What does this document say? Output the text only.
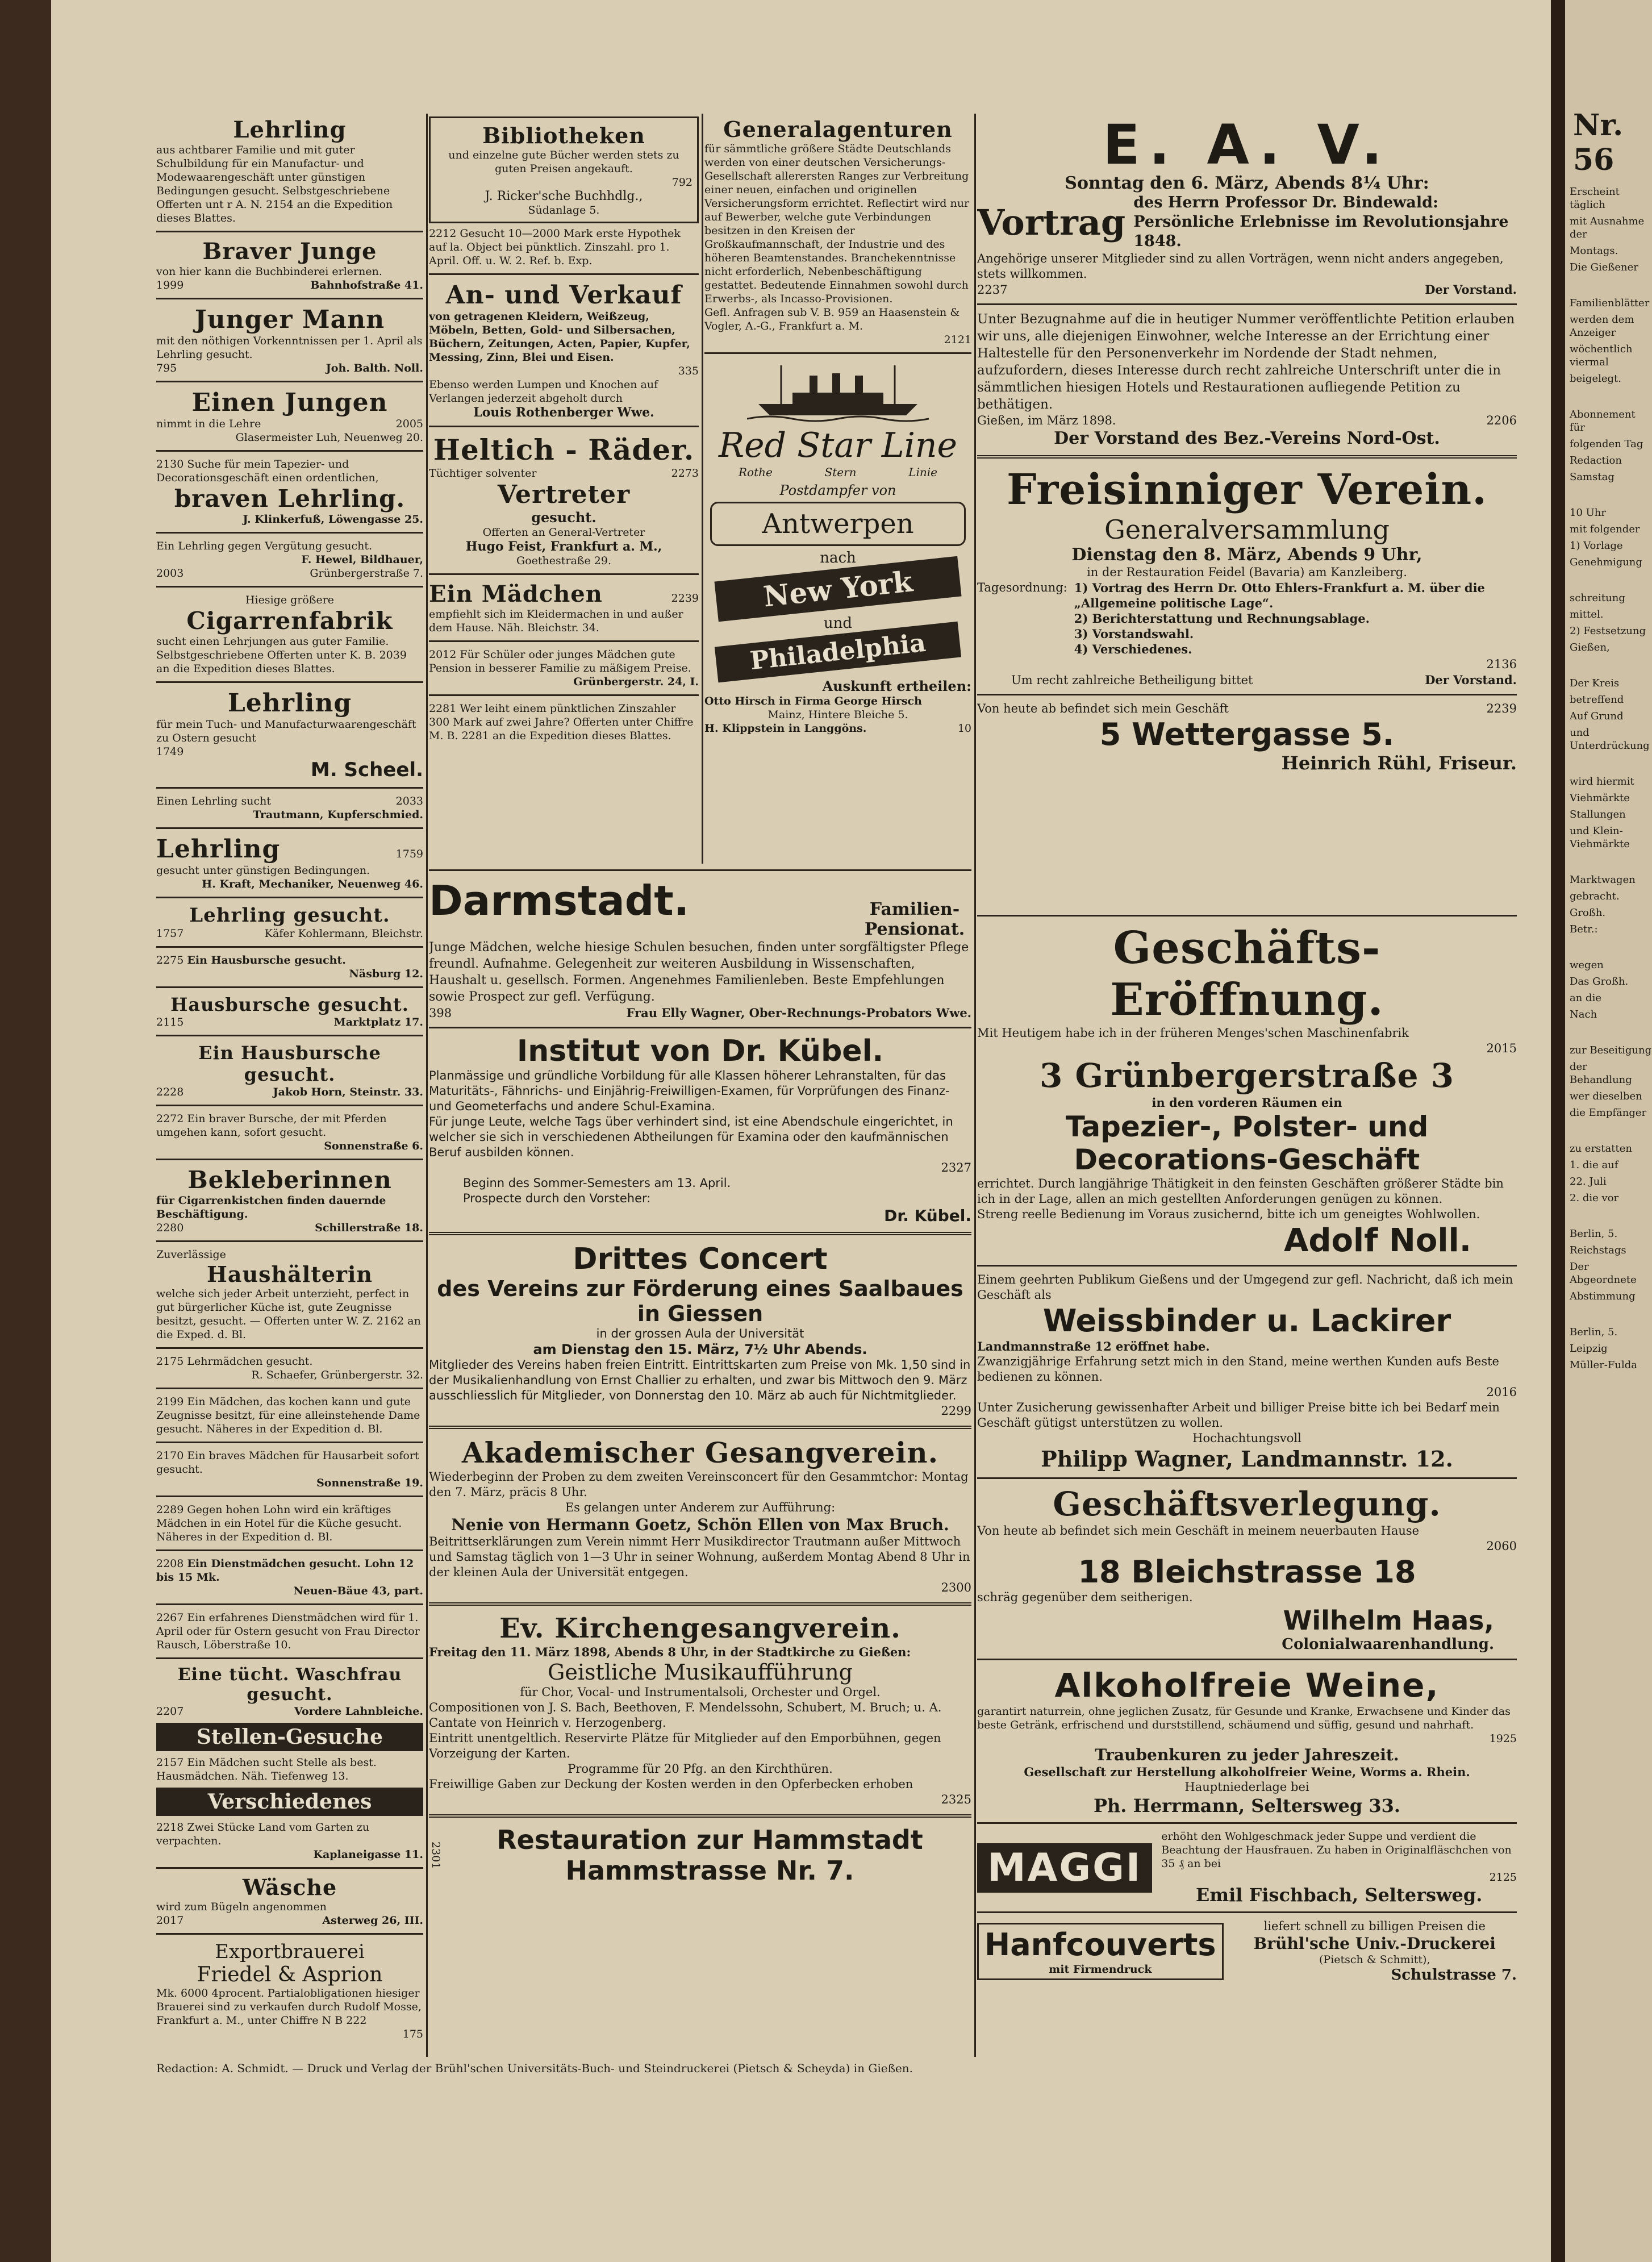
Nr. 56
Erscheint täglich
mit Ausnahme der
Montags.
Die Gießener
Familienblätter
werden dem Anzeiger
wöchentlich viermal
beigelegt.
Abonnement für
folgenden Tag
Redaction
Samstag
10 Uhr
mit folgender
1) Vorlage
Genehmigung
schreitung
mittel.
2) Festsetzung
Gießen,
Der Kreis
betreffend
Auf Grund
und Unterdrückung
wird hiermit
Viehmärkte
Stallungen
und Klein-Viehmärkte
Marktwagen
gebracht.
Großh.
Betr.:
wegen
Das Großh.
an die
Nach
zur Beseitigung
der Behandlung
wer dieselben
die Empfänger
zu erstatten
1. die auf
22. Juli
2. die vor
Berlin, 5.
Reichstags
Der Abgeordnete
Abstimmung
Berlin, 5.
Leipzig
Müller-Fulda
Lehrling
aus achtbarer Familie und mit guter Schulbildung für ein Manufactur- und Modewaarengeschäft unter günstigen Bedingungen gesucht. Selbstgeschriebene Offerten unt r A. N. 2154 an die Expedition dieses Blattes.
Braver Junge
von hier kann die Buchbinderei erlernen.
1999	Bahnhofstraße 41.
Junger Mann
mit den nöthigen Vorkenntnissen per 1. April als Lehrling gesucht.
795	Joh. Balth. Noll.
Einen Jungen
nimmt in die Lehre	2005
Glasermeister Luh, Neuenweg 20.
2130 Suche für mein Tapezier- und Decorationsgeschäft einen ordentlichen,
braven Lehrling.
J. Klinkerfuß, Löwengasse 25.
Ein Lehrling gegen Vergütung gesucht.
F. Hewel, Bildhauer,
2003	Grünbergerstraße 7.
Hiesige größere
Cigarrenfabrik
sucht einen Lehrjungen aus guter Familie. Selbstgeschriebene Offerten unter K. B. 2039 an die Expedition dieses Blattes.
Lehrling
für mein Tuch- und Manufacturwaarengeschäft zu Ostern gesucht
1749
M. Scheel.
Einen Lehrling sucht	2033
Trautmann, Kupferschmied.
Lehrling	1759
gesucht unter günstigen Bedingungen.
H. Kraft, Mechaniker, Neuenweg 46.
Lehrling gesucht.
1757	Käfer Kohlermann, Bleichstr.
2275 Ein Hausbursche gesucht.
Näsburg 12.
Hausbursche gesucht.
2115	Marktplatz 17.
Ein Hausbursche gesucht.
2228	Jakob Horn, Steinstr. 33.
2272 Ein braver Bursche, der mit Pferden umgehen kann, sofort gesucht.
Sonnenstraße 6.
Bekleberinnen
für Cigarrenkistchen finden dauernde Beschäftigung.
2280	Schillerstraße 18.
Zuverlässige
Haushälterin
welche sich jeder Arbeit unterzieht, perfect in gut bürgerlicher Küche ist, gute Zeugnisse besitzt, gesucht. — Offerten unter W. Z. 2162 an die Exped. d. Bl.
2175 Lehrmädchen gesucht.
R. Schaefer, Grünbergerstr. 32.
2199 Ein Mädchen, das kochen kann und gute Zeugnisse besitzt, für eine alleinstehende Dame gesucht. Näheres in der Expedition d. Bl.
2170 Ein braves Mädchen für Hausarbeit sofort gesucht.
Sonnenstraße 19.
2289 Gegen hohen Lohn wird ein kräftiges Mädchen in ein Hotel für die Küche gesucht. Näheres in der Expedition d. Bl.
2208 Ein Dienstmädchen gesucht. Lohn 12 bis 15 Mk.
Neuen-Bäue 43, part.
2267 Ein erfahrenes Dienstmädchen wird für 1. April oder für Ostern gesucht von Frau Director Rausch, Löberstraße 10.
Eine tücht. Waschfrau gesucht.
2207	Vordere Lahnbleiche.
Stellen-Gesuche
2157 Ein Mädchen sucht Stelle als best. Hausmädchen. Näh. Tiefenweg 13.
Verschiedenes
2218 Zwei Stücke Land vom Garten zu verpachten.
Kaplaneigasse 11.
Wäsche
wird zum Bügeln angenommen
2017	Asterweg 26, III.
Exportbrauerei
Friedel & Asprion
Mk. 6000 4procent. Partialobligationen hiesiger Brauerei sind zu verkaufen durch Rudolf Mosse, Frankfurt a. M., unter Chiffre N B 222
175
Bibliotheken
und einzelne gute Bücher werden stets zu guten Preisen angekauft.
792
J. Ricker'sche Buchhdlg.,
Südanlage 5.
2212 Gesucht 10—2000 Mark erste Hypothek auf la. Object bei pünktlich. Zinszahl. pro 1. April. Off. u. W. 2. Ref. b. Exp.
An- und Verkauf
von getragenen Kleidern, Weißzeug, Möbeln, Betten, Gold- und Silbersachen, Büchern, Zeitungen, Acten, Papier, Kupfer, Messing, Zinn, Blei und Eisen.
335
Ebenso werden Lumpen und Knochen auf Verlangen jederzeit abgeholt durch
Louis Rothenberger Wwe.
Heltich - Räder.
Tüchtiger solventer	2273
Vertreter
gesucht.
Offerten an General-Vertreter
Hugo Feist, Frankfurt a. M.,
Goethestraße 29.
Ein Mädchen	2239
empfiehlt sich im Kleidermachen in und außer dem Hause. Näh. Bleichstr. 34.
2012 Für Schüler oder junges Mädchen gute Pension in besserer Familie zu mäßigem Preise.
Grünbergerstr. 24, I.
2281 Wer leiht einem pünktlichen Zinszahler 300 Mark auf zwei Jahre? Offerten unter Chiffre M. B. 2281 an die Expedition dieses Blattes.
Generalagenturen
für sämmtliche größere Städte Deutschlands werden von einer deutschen Versicherungs-Gesellschaft allerersten Ranges zur Verbreitung einer neuen, einfachen und originellen Versicherungsform errichtet. Reflectirt wird nur auf Bewerber, welche gute Verbindungen besitzen in den Kreisen der Großkaufmannschaft, der Industrie und des höheren Beamtenstandes. Branchekenntnisse nicht erforderlich, Nebenbeschäftigung gestattet. Bedeutende Einnahmen sowohl durch Erwerbs-, als Incasso-Provisionen.
Gefl. Anfragen sub V. B. 959 an Haasenstein & Vogler, A.-G., Frankfurt a. M.
2121
Red Star Line
Rothe	Stern	Linie
Postdampfer von
Antwerpen
nach
New York
und
Philadelphia
Auskunft ertheilen:
Otto Hirsch in Firma George Hirsch
Mainz, Hintere Bleiche 5.
H. Klippstein in Langgöns.	10
E. A. V.
Sonntag den 6. März, Abends 8¼ Uhr:
Vortrag des Herrn Professor Dr. Bindewald: Persönliche Erlebnisse im Revolutionsjahre 1848.
Angehörige unserer Mitglieder sind zu allen Vorträgen, wenn nicht anders angegeben, stets willkommen.
2237	Der Vorstand.
Unter Bezugnahme auf die in heutiger Nummer veröffentlichte Petition erlauben wir uns, alle diejenigen Einwohner, welche Interesse an der Errichtung einer Haltestelle für den Personenverkehr im Nordende der Stadt nehmen, aufzufordern, dieses Interesse durch recht zahlreiche Unterschrift unter die in sämmtlichen hiesigen Hotels und Restaurationen aufliegende Petition zu bethätigen.
Gießen, im März 1898.	2206
Der Vorstand des Bez.-Vereins Nord-Ost.
Freisinniger Verein.
Generalversammlung
Dienstag den 8. März, Abends 9 Uhr,
in der Restauration Feidel (Bavaria) am Kanzleiberg.
Tagesordnung: 1) Vortrag des Herrn Dr. Otto Ehlers-Frankfurt a. M. über die „Allgemeine politische Lage“.
2) Berichterstattung und Rechnungsablage.
3) Vorstandswahl.
4) Verschiedenes.
2136
Um recht zahlreiche Betheiligung bittet	Der Vorstand.
Von heute ab befindet sich mein Geschäft	2239
5 Wettergasse 5.
Heinrich Rühl, Friseur.
Darmstadt.	Familien-Pensionat.
Junge Mädchen, welche hiesige Schulen besuchen, finden unter sorgfältigster Pflege freundl. Aufnahme. Gelegenheit zur weiteren Ausbildung in Wissenschaften, Haushalt u. gesellsch. Formen. Angenehmes Familienleben. Beste Empfehlungen sowie Prospect zur gefl. Verfügung.
398	Frau Elly Wagner, Ober-Rechnungs-Probators Wwe.
Institut von Dr. Kübel.
Planmässige und gründliche Vorbildung für alle Klassen höherer Lehranstalten, für das Maturitäts-, Fähnrichs- und Einjährig-Freiwilligen-Examen, für Vorprüfungen des Finanz- und Geometerfachs und andere Schul-Examina.
Für junge Leute, welche Tags über verhindert sind, ist eine Abendschule eingerichtet, in welcher sie sich in verschiedenen Abtheilungen für Examina oder den kaufmännischen Beruf ausbilden können.
2327
Beginn des Sommer-Semesters am 13. April.
Prospecte durch den Vorsteher:
Dr. Kübel.
Drittes Concert
des Vereins zur Förderung eines Saalbaues in Giessen
in der grossen Aula der Universität
am Dienstag den 15. März, 7½ Uhr Abends.
Mitglieder des Vereins haben freien Eintritt. Eintrittskarten zum Preise von Mk. 1,50 sind in der Musikalienhandlung von Ernst Challier zu erhalten, und zwar bis Mittwoch den 9. März ausschliesslich für Mitglieder, von Donnerstag den 10. März ab auch für Nichtmitglieder.
2299
Akademischer Gesangverein.
Wiederbeginn der Proben zu dem zweiten Vereinsconcert für den Gesammtchor: Montag den 7. März, präcis 8 Uhr.
Es gelangen unter Anderem zur Aufführung:
Nenie von Hermann Goetz, Schön Ellen von Max Bruch.
Beitrittserklärungen zum Verein nimmt Herr Musikdirector Trautmann außer Mittwoch und Samstag täglich von 1—3 Uhr in seiner Wohnung, außerdem Montag Abend 8 Uhr in der kleinen Aula der Universität entgegen.
2300
Ev. Kirchengesangverein.
Freitag den 11. März 1898, Abends 8 Uhr, in der Stadtkirche zu Gießen:
Geistliche Musikaufführung
für Chor, Vocal- und Instrumentalsoli, Orchester und Orgel.
Compositionen von J. S. Bach, Beethoven, F. Mendelssohn, Schubert, M. Bruch; u. A. Cantate von Heinrich v. Herzogenberg.
Eintritt unentgeltlich. Reservirte Plätze für Mitglieder auf den Emporbühnen, gegen Vorzeigung der Karten.
Programme für 20 Pfg. an den Kirchthüren.
Freiwillige Gaben zur Deckung der Kosten werden in den Opferbecken erhoben
2325
2301	Restauration zur Hammstadt
Hammstrasse Nr. 7.
Geschäfts-Eröffnung.
Mit Heutigem habe ich in der früheren Menges'schen Maschinenfabrik
2015
3 Grünbergerstraße 3
in den vorderen Räumen ein
Tapezier-, Polster- und
Decorations-Geschäft
errichtet. Durch langjährige Thätigkeit in den feinsten Geschäften größerer Städte bin ich in der Lage, allen an mich gestellten Anforderungen genügen zu können.
Streng reelle Bedienung im Voraus zusichernd, bitte ich um geneigtes Wohlwollen.
Adolf Noll.
Einem geehrten Publikum Gießens und der Umgegend zur gefl. Nachricht, daß ich mein Geschäft als
Weissbinder u. Lackirer
Landmannstraße 12 eröffnet habe.
Zwanzigjährige Erfahrung setzt mich in den Stand, meine werthen Kunden aufs Beste bedienen zu können.
2016
Unter Zusicherung gewissenhafter Arbeit und billiger Preise bitte ich bei Bedarf mein Geschäft gütigst unterstützen zu wollen.
Hochachtungsvoll
Philipp Wagner, Landmannstr. 12.
Geschäftsverlegung.
Von heute ab befindet sich mein Geschäft in meinem neuerbauten Hause
2060
18 Bleichstrasse 18
schräg gegenüber dem seitherigen.
Wilhelm Haas,
Colonialwaarenhandlung.
Alkoholfreie Weine,
garantirt naturrein, ohne jeglichen Zusatz, für Gesunde und Kranke, Erwachsene und Kinder das beste Getränk, erfrischend und durststillend, schäumend und süffig, gesund und nahrhaft.
1925
Traubenkuren zu jeder Jahreszeit.
Gesellschaft zur Herstellung alkoholfreier Weine, Worms a. Rhein.
Hauptniederlage bei
Ph. Herrmann, Seltersweg 33.
MAGGI
erhöht den Wohlgeschmack jeder Suppe und verdient die Beachtung der Hausfrauen. Zu haben in Originalfläschchen von 35 ₰ an bei
2125
Emil Fischbach, Seltersweg.
Hanfcouverts
mit Firmendruck
liefert schnell zu billigen Preisen die
Brühl'sche Univ.-Druckerei
(Pietsch & Schmitt),
Schulstrasse 7.
Redaction: A. Schmidt. — Druck und Verlag der Brühl'schen Universitäts-Buch- und Steindruckerei (Pietsch & Scheyda) in Gießen.
